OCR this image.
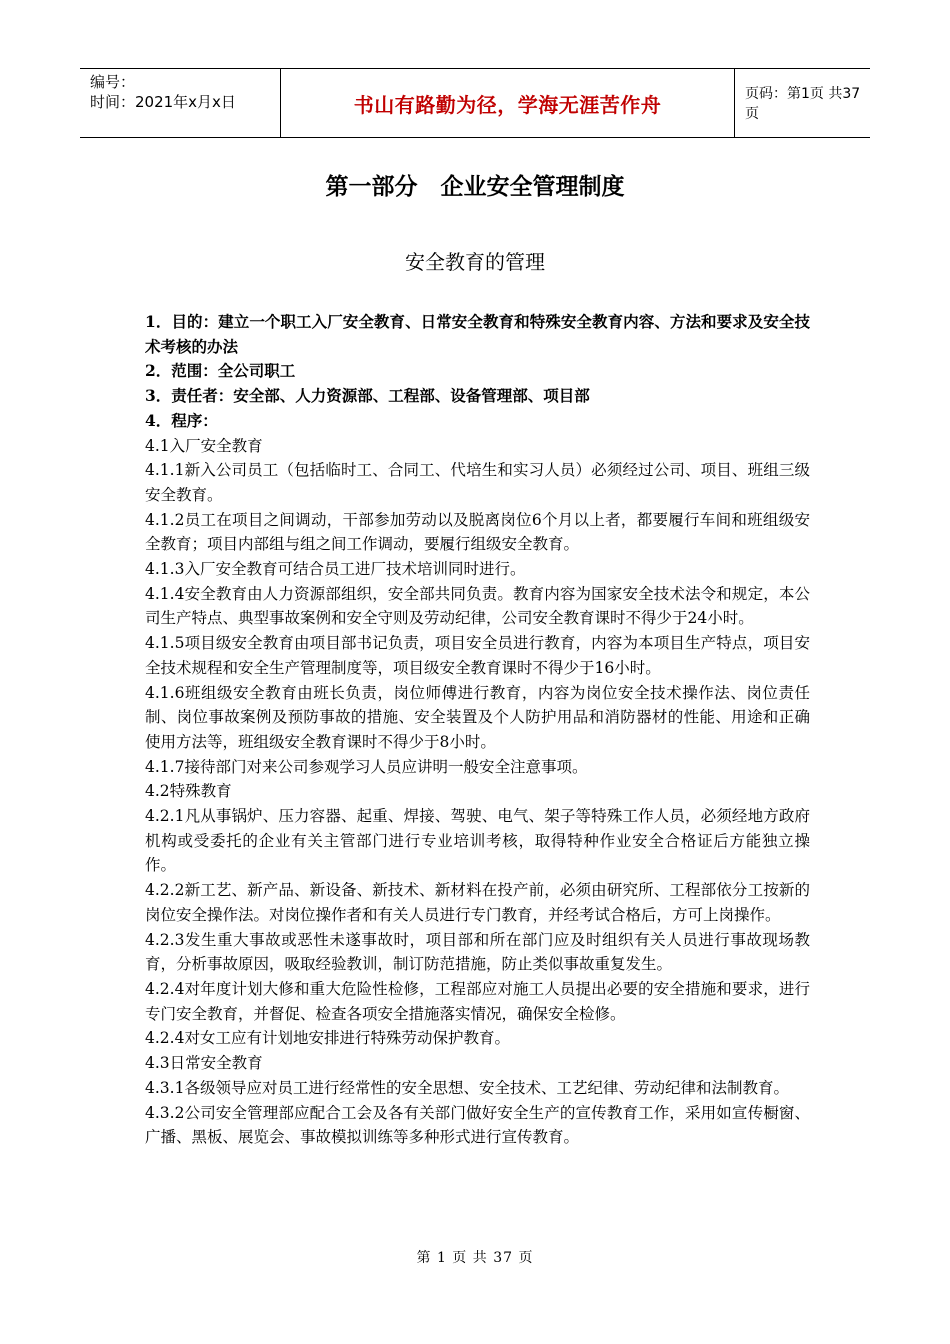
编号：
时间：2021年x月x日	书山有路勤为径，学海无涯苦作舟	页码：第1页 共37页
第一部分　企业安全管理制度
安全教育的管理

1．目的：建立一个职工入厂安全教育、日常安全教育和特殊安全教育内容、方法和要求及安全技术考核的办法

2．范围：全公司职工

3．责任者：安全部、人力资源部、工程部、设备管理部、项目部

4．程序：

4.1入厂安全教育

4.1.1新入公司员工（包括临时工、合同工、代培生和实习人员）必须经过公司、项目、班组三级安全教育。

4.1.2员工在项目之间调动，干部参加劳动以及脱离岗位6个月以上者，都要履行车间和班组级安全教育；项目内部组与组之间工作调动，要履行组级安全教育。

4.1.3入厂安全教育可结合员工进厂技术培训同时进行。

4.1.4安全教育由人力资源部组织，安全部共同负责。教育内容为国家安全技术法令和规定，本公司生产特点、典型事故案例和安全守则及劳动纪律，公司安全教育课时不得少于24小时。

4.1.5项目级安全教育由项目部书记负责，项目安全员进行教育，内容为本项目生产特点，项目安全技术规程和安全生产管理制度等，项目级安全教育课时不得少于16小时。

4.1.6班组级安全教育由班长负责，岗位师傅进行教育，内容为岗位安全技术操作法、岗位责任制、岗位事故案例及预防事故的措施、安全装置及个人防护用品和消防器材的性能、用途和正确使用方法等，班组级安全教育课时不得少于8小时。

4.1.7接待部门对来公司参观学习人员应讲明一般安全注意事项。

4.2特殊教育

4.2.1凡从事锅炉、压力容器、起重、焊接、驾驶、电气、架子等特殊工作人员，必须经地方政府机构或受委托的企业有关主管部门进行专业培训考核，取得特种作业安全合格证后方能独立操作。

4.2.2新工艺、新产品、新设备、新技术、新材料在投产前，必须由研究所、工程部依分工按新的岗位安全操作法。对岗位操作者和有关人员进行专门教育，并经考试合格后，方可上岗操作。

4.2.3发生重大事故或恶性未遂事故时，项目部和所在部门应及时组织有关人员进行事故现场教育，分析事故原因，吸取经验教训，制订防范措施，防止类似事故重复发生。

4.2.4对年度计划大修和重大危险性检修，工程部应对施工人员提出必要的安全措施和要求，进行专门安全教育，并督促、检查各项安全措施落实情况，确保安全检修。

4.2.4对女工应有计划地安排进行特殊劳动保护教育。

4.3日常安全教育

4.3.1各级领导应对员工进行经常性的安全思想、安全技术、工艺纪律、劳动纪律和法制教育。

4.3.2公司安全管理部应配合工会及各有关部门做好安全生产的宣传教育工作，采用如宣传橱窗、广播、黑板、展览会、事故模拟训练等多种形式进行宣传教育。

第 1 页 共 37 页
